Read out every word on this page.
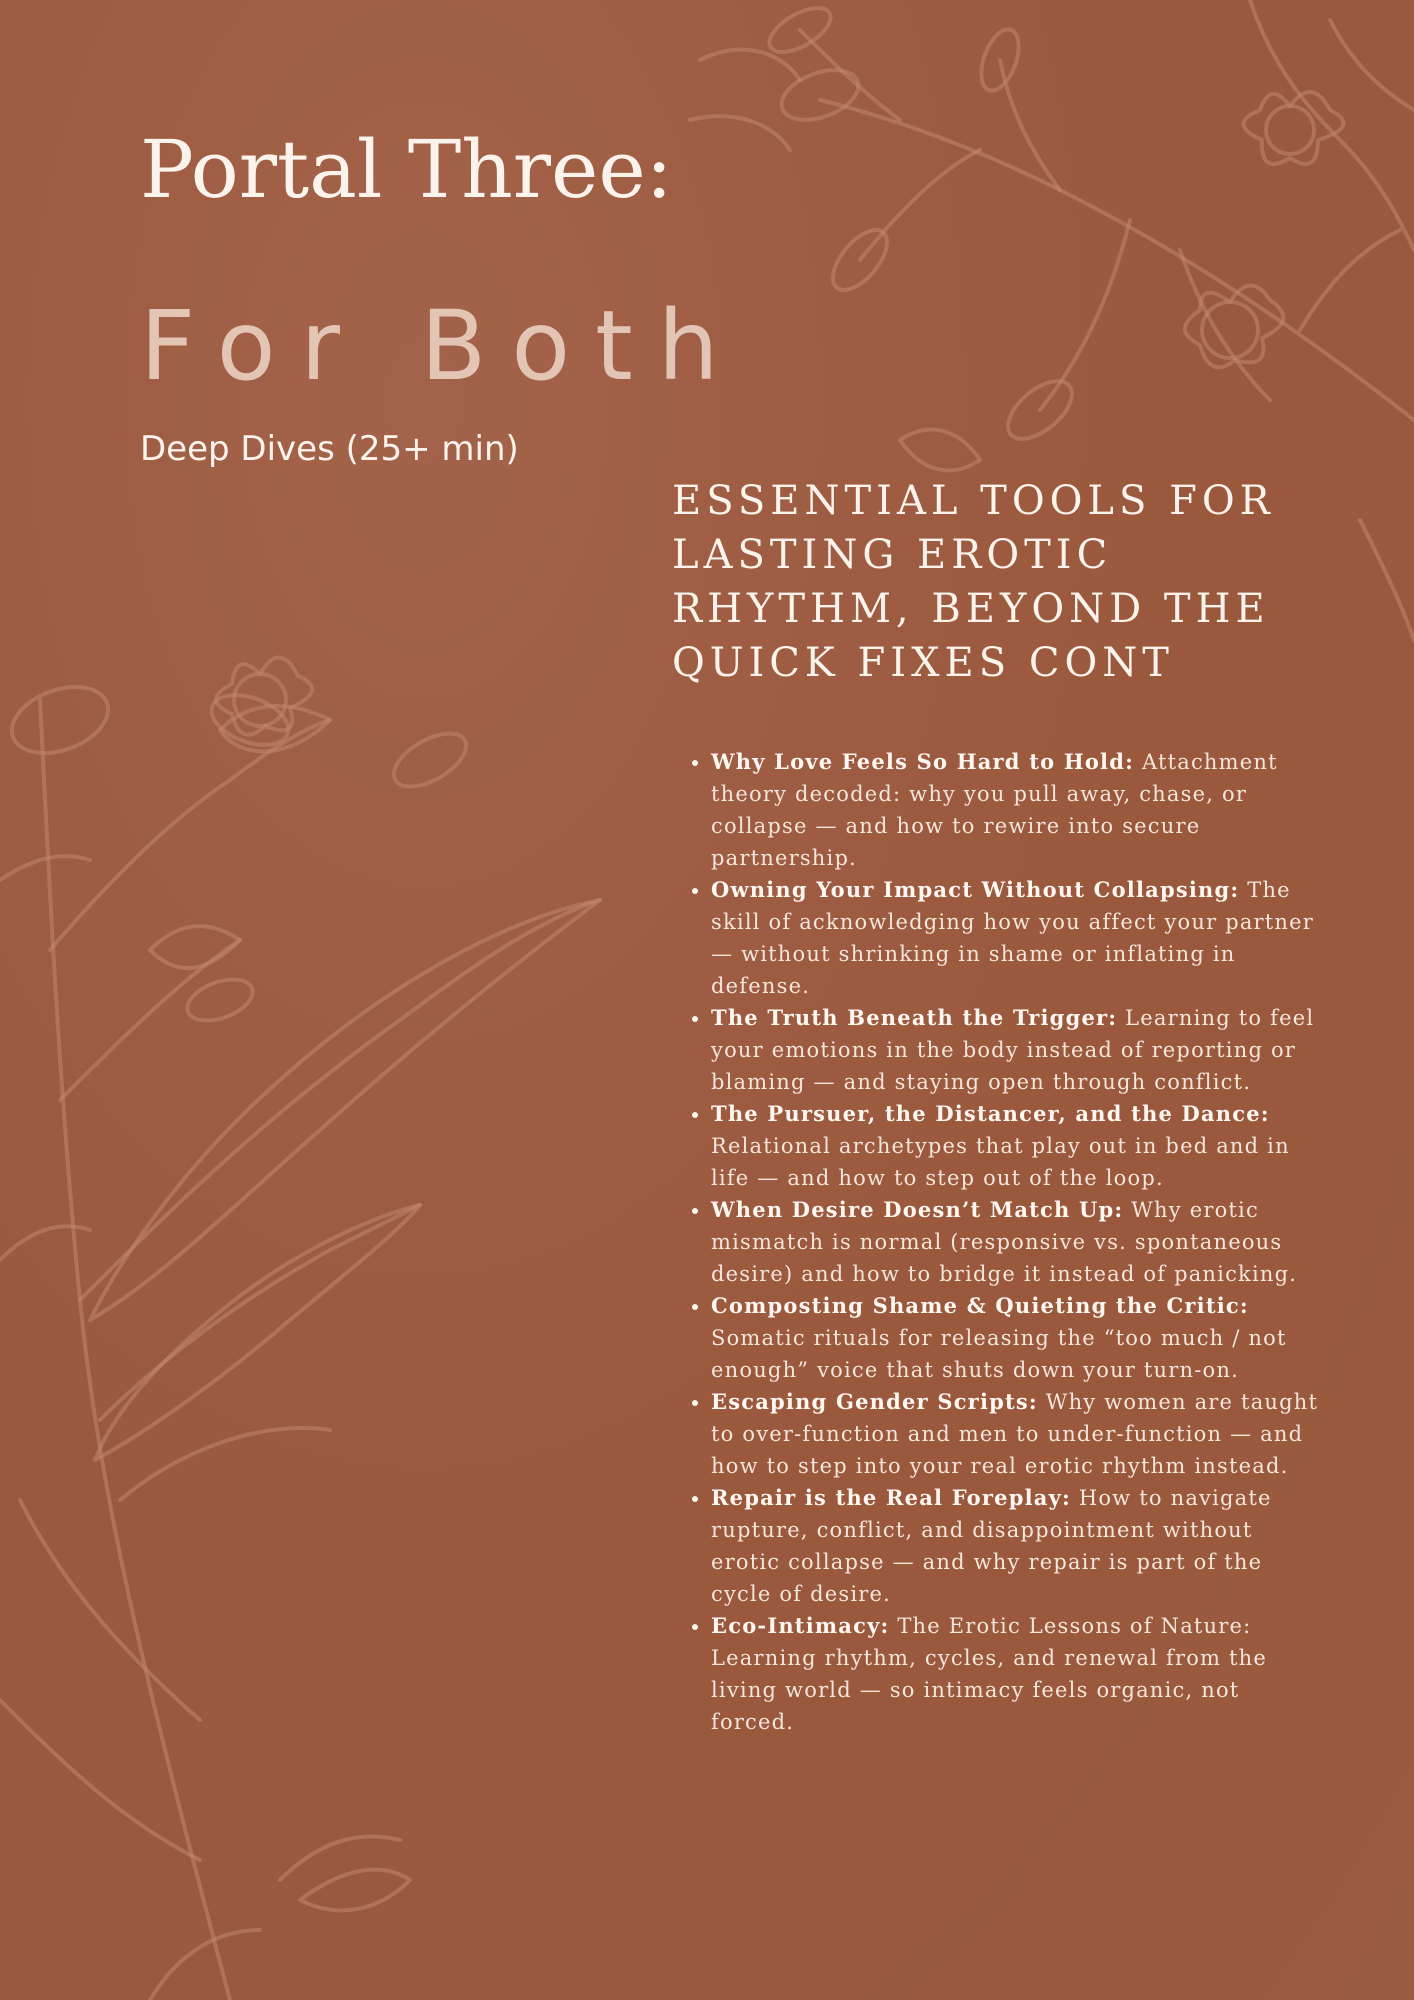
Portal Three:
For Both

Deep Dives (25+ min)

ESSENTIAL TOOLS FOR LASTING EROTIC RHYTHM, BEYOND THE QUICK FIXES CONT
• Why Love Feels So Hard to Hold: Attachment theory decoded: why you pull away, chase, or collapse — and how to rewire into secure partnership.
• Owning Your Impact Without Collapsing: The skill of acknowledging how you affect your partner — without shrinking in shame or inflating in defense.
• The Truth Beneath the Trigger: Learning to feel your emotions in the body instead of reporting or blaming — and staying open through conflict.
• The Pursuer, the Distancer, and the Dance: Relational archetypes that play out in bed and in life — and how to step out of the loop.
• When Desire Doesn’t Match Up: Why erotic mismatch is normal (responsive vs. spontaneous desire) and how to bridge it instead of panicking.
• Composting Shame & Quieting the Critic: Somatic rituals for releasing the “too much / not enough” voice that shuts down your turn-on.
• Escaping Gender Scripts: Why women are taught to over-function and men to under-function — and how to step into your real erotic rhythm instead.
• Repair is the Real Foreplay: How to navigate rupture, conflict, and disappointment without erotic collapse — and why repair is part of the cycle of desire.
• Eco-Intimacy: The Erotic Lessons of Nature: Learning rhythm, cycles, and renewal from the living world — so intimacy feels organic, not forced.
